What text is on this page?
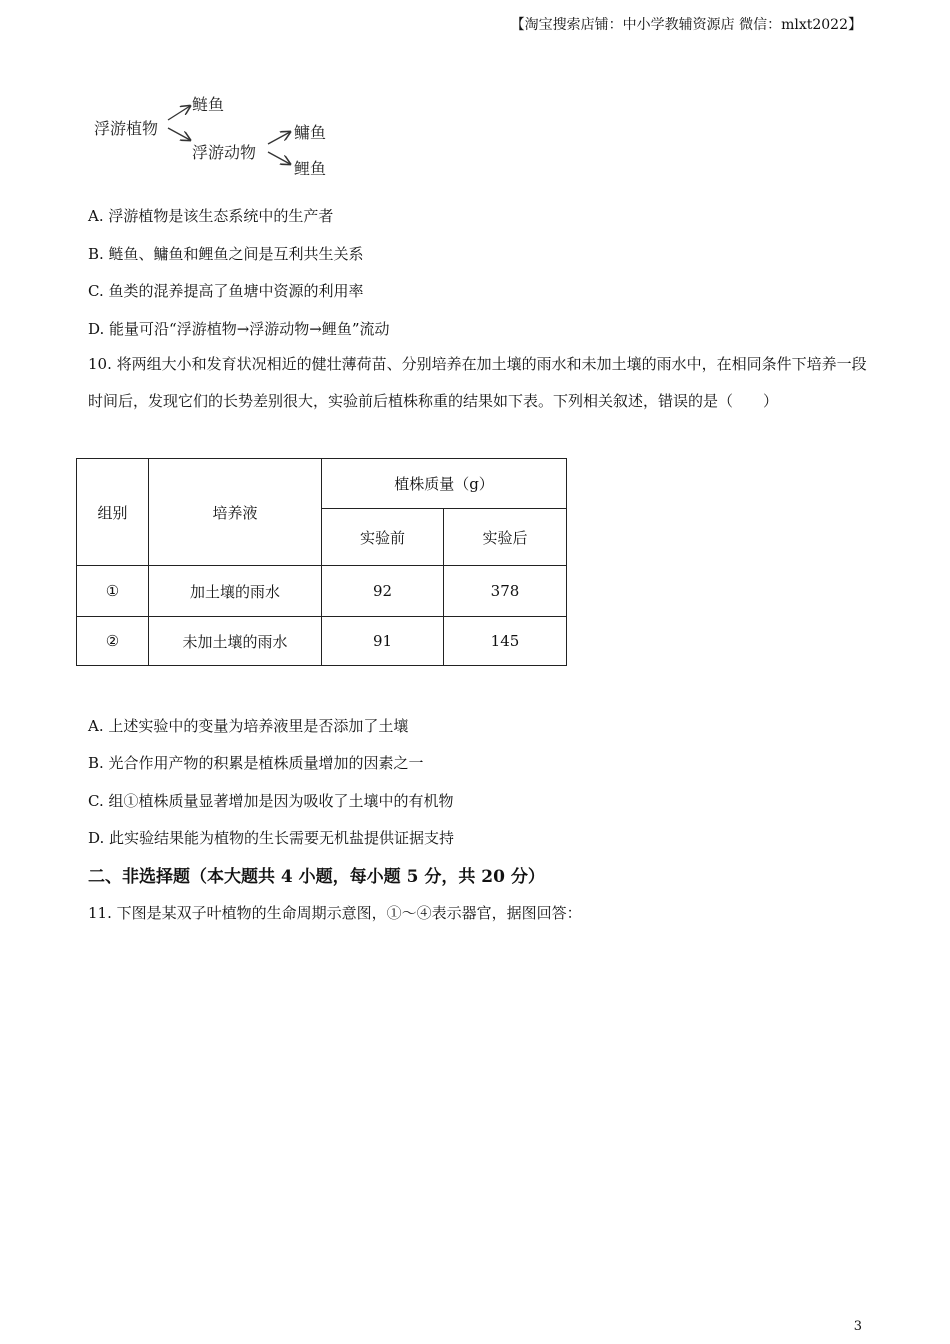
【淘宝搜索店铺：中小学教辅资源店 微信：mlxt2022】
浮游植物
鲢鱼
浮游动物
鳙鱼
鲤鱼
A. 浮游植物是该生态系统中的生产者
B. 鲢鱼、鳙鱼和鲤鱼之间是互利共生关系
C. 鱼类的混养提高了鱼塘中资源的利用率
D. 能量可沿“浮游植物→浮游动物→鲤鱼”流动
10. 将两组大小和发育状况相近的健壮薄荷苗、分别培养在加土壤的雨水和未加土壤的雨水中，在相同条件下培养一段时间后，发现它们的长势差别很大，实验前后植株称重的结果如下表。下列相关叙述，错误的是（　　）
组别	培养液	植株质量（g）	
		实验前	实验后
①	加土壤的雨水	92	378
②	未加土壤的雨水	91	145
A. 上述实验中的变量为培养液里是否添加了土壤
B. 光合作用产物的积累是植株质量增加的因素之一
C. 组①植株质量显著增加是因为吸收了土壤中的有机物
D. 此实验结果能为植物的生长需要无机盐提供证据支持
二、非选择题（本大题共 4 小题，每小题 5 分，共 20 分）
11. 下图是某双子叶植物的生命周期示意图，①～④表示器官，据图回答：
3
